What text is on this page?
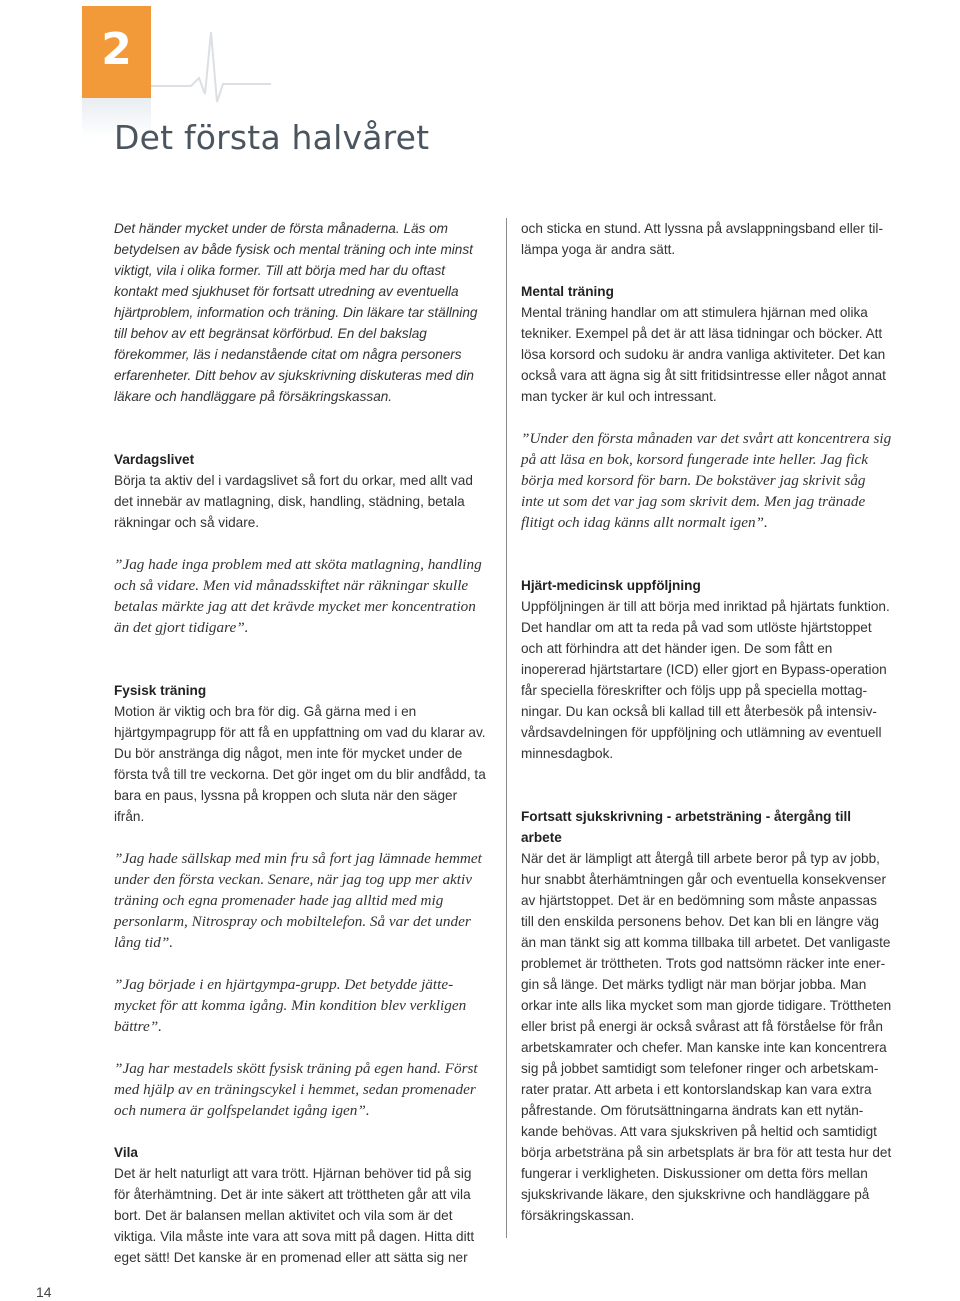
2
Det första halvåret

Det händer mycket under de första månaderna. Läs om betydelsen av både fysisk och mental träning och inte minst viktigt, vila i olika former. Till att börja med har du oftast kontakt med sjukhuset för fortsatt utredning av eventuella hjärtproblem, information och träning. Din läkare tar ställning till behov av ett begränsat körförbud. En del bakslag förekommer, läs i nedanstående citat om några personers erfarenheter. Ditt behov av sjukskrivning diskuteras med din läkare och handläggare på försäkringskassan.

Vardagslivet

Börja ta aktiv del i vardagslivet så fort du orkar, med allt vad det innebär av matlagning, disk, handling, städning, betala räkningar och så vidare.

”Jag hade inga problem med att sköta matlagning, handling och så vidare. Men vid månadsskiftet när räkningar skulle betalas märkte jag att det krävde mycket mer koncentration än det gjort tidigare”.

Fysisk träning

Motion är viktig och bra för dig. Gå gärna med i en hjärtgympagrupp för att få en uppfattning om vad du klarar av. Du bör anstränga dig något, men inte för mycket under de första två till tre veckorna. Det gör inget om du blir andfådd, ta bara en paus, lyssna på kroppen och sluta när den säger ifrån.

”Jag hade sällskap med min fru så fort jag lämnade hemmet under den första veckan. Senare, när jag tog upp mer aktiv träning och egna promenader hade jag alltid med mig personlarm, Nitrospray och mobiltelefon. Så var det under lång tid”.

”Jag började i en hjärtgympa-grupp. Det betydde jättemycket för att komma igång. Min kondition blev verkligen bättre”.

”Jag har mestadels skött fysisk träning på egen hand. Först med hjälp av en träningscykel i hemmet, sedan promenader och numera är golfspelandet igång igen”.

Vila

Det är helt naturligt att vara trött. Hjärnan behöver tid på sig för återhämtning. Det är inte säkert att tröttheten går att vila bort. Det är balansen mellan aktivitet och vila som är det viktiga. Vila måste inte vara att sova mitt på dagen. Hitta ditt eget sätt! Det kanske är en promenad eller att sätta sig ner

och sticka en stund. Att lyssna på avslappningsband eller tillämpa yoga är andra sätt.

Mental träning

Mental träning handlar om att stimulera hjärnan med olika tekniker. Exempel på det är att läsa tidningar och böcker. Att lösa korsord och sudoku är andra vanliga aktiviteter. Det kan också vara att ägna sig åt sitt fritidsintresse eller något annat man tycker är kul och intressant.

”Under den första månaden var det svårt att koncentrera sig på att läsa en bok, korsord fungerade inte heller. Jag fick börja med korsord för barn. De bokstäver jag skrivit såg inte ut som det var jag som skrivit dem. Men jag tränade flitigt och idag känns allt normalt igen”.

Hjärt-medicinsk uppföljning

Uppföljningen är till att börja med inriktad på hjärtats funktion. Det handlar om att ta reda på vad som utlöste hjärtstoppet och att förhindra att det händer igen. De som fått en inopererad hjärtstartare (ICD) eller gjort en Bypass-operation får speciella föreskrifter och följs upp på speciella mottagningar. Du kan också bli kallad till ett återbesök på intensivvårdsavdelningen för uppföljning och utlämning av eventuell minnesdagbok.

Fortsatt sjukskrivning - arbetsträning - återgång till arbete

När det är lämpligt att återgå till arbete beror på typ av jobb, hur snabbt återhämtningen går och eventuella konsekvenser av hjärtstoppet. Det är en bedömning som måste anpassas till den enskilda personens behov. Det kan bli en längre väg än man tänkt sig att komma tillbaka till arbetet. Det vanligaste problemet är tröttheten. Trots god nattsömn räcker inte energin så länge. Det märks tydligt när man börjar jobba. Man orkar inte alls lika mycket som man gjorde tidigare. Tröttheten eller brist på energi är också svårast att få förståelse för från arbetskamrater och chefer. Man kanske inte kan koncentrera sig på jobbet samtidigt som telefoner ringer och arbetskamrater pratar. Att arbeta i ett kontorslandskap kan vara extra påfrestande. Om förutsättningarna ändrats kan ett nytänkande behövas. Att vara sjukskriven på heltid och samtidigt börja arbetsträna på sin arbetsplats är bra för att testa hur det fungerar i verkligheten. Diskussioner om detta förs mellan sjukskrivande läkare, den sjukskrivne och handläggare på försäkringskassan.

14
